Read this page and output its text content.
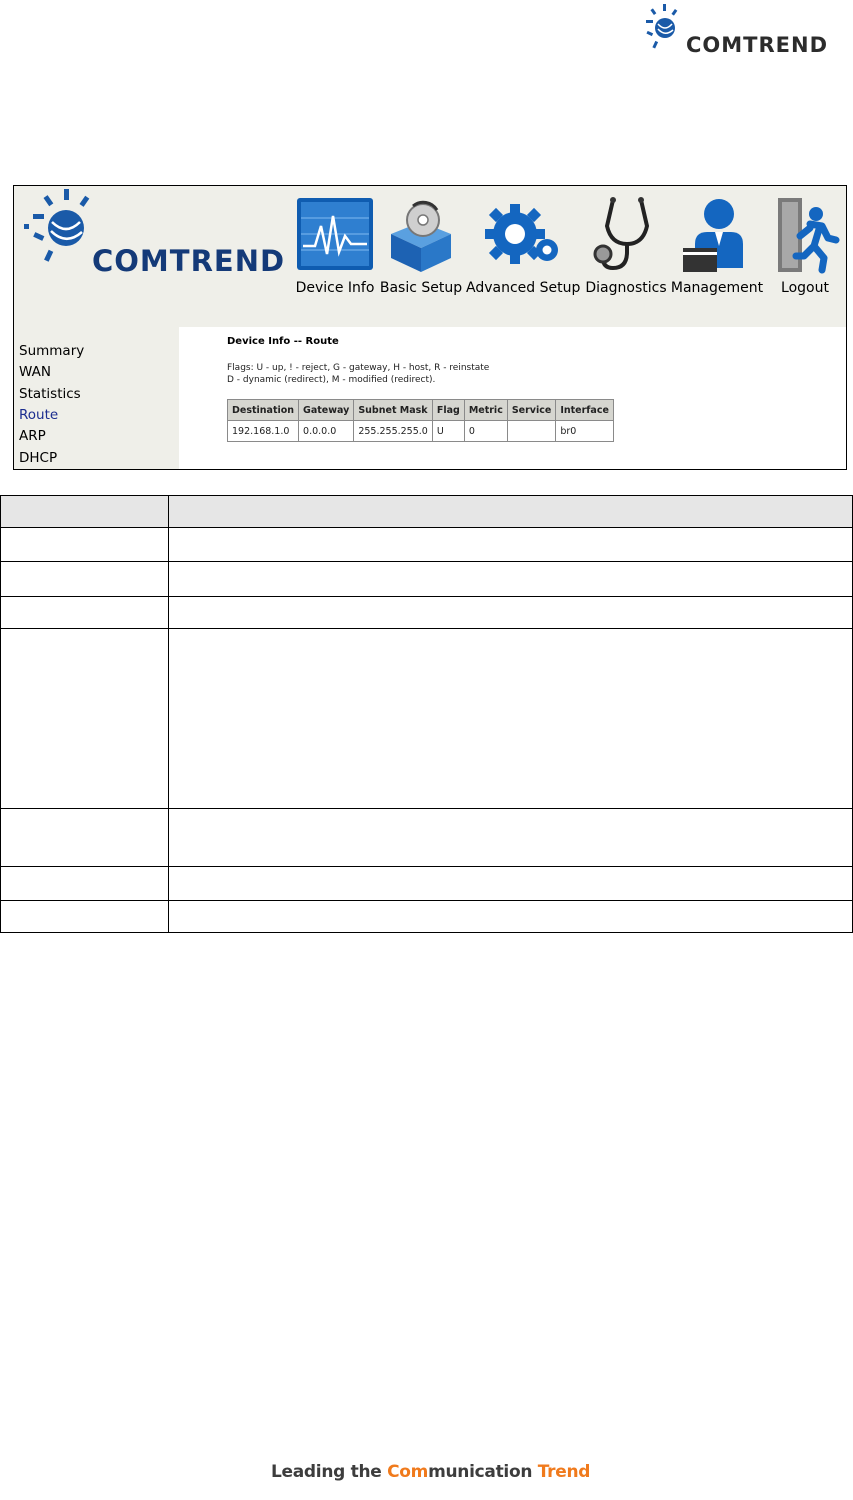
COMTREND
COMTREND
Device Info Basic Setup Advanced Setup Diagnostics Management	Logout
Summary
WAN
Statistics
Route
ARP
DHCP
Device Info -- Route
Flags: U - up, ! - reject, G - gateway, H - host, R - reinstate
D - dynamic (redirect), M - modified (redirect).
Destination	Gateway	Subnet Mask	Flag	Metric	Service	Interface
192.168.1.0	0.0.0.0	255.255.255.0	U	0		br0

Leading the Communication Trend
